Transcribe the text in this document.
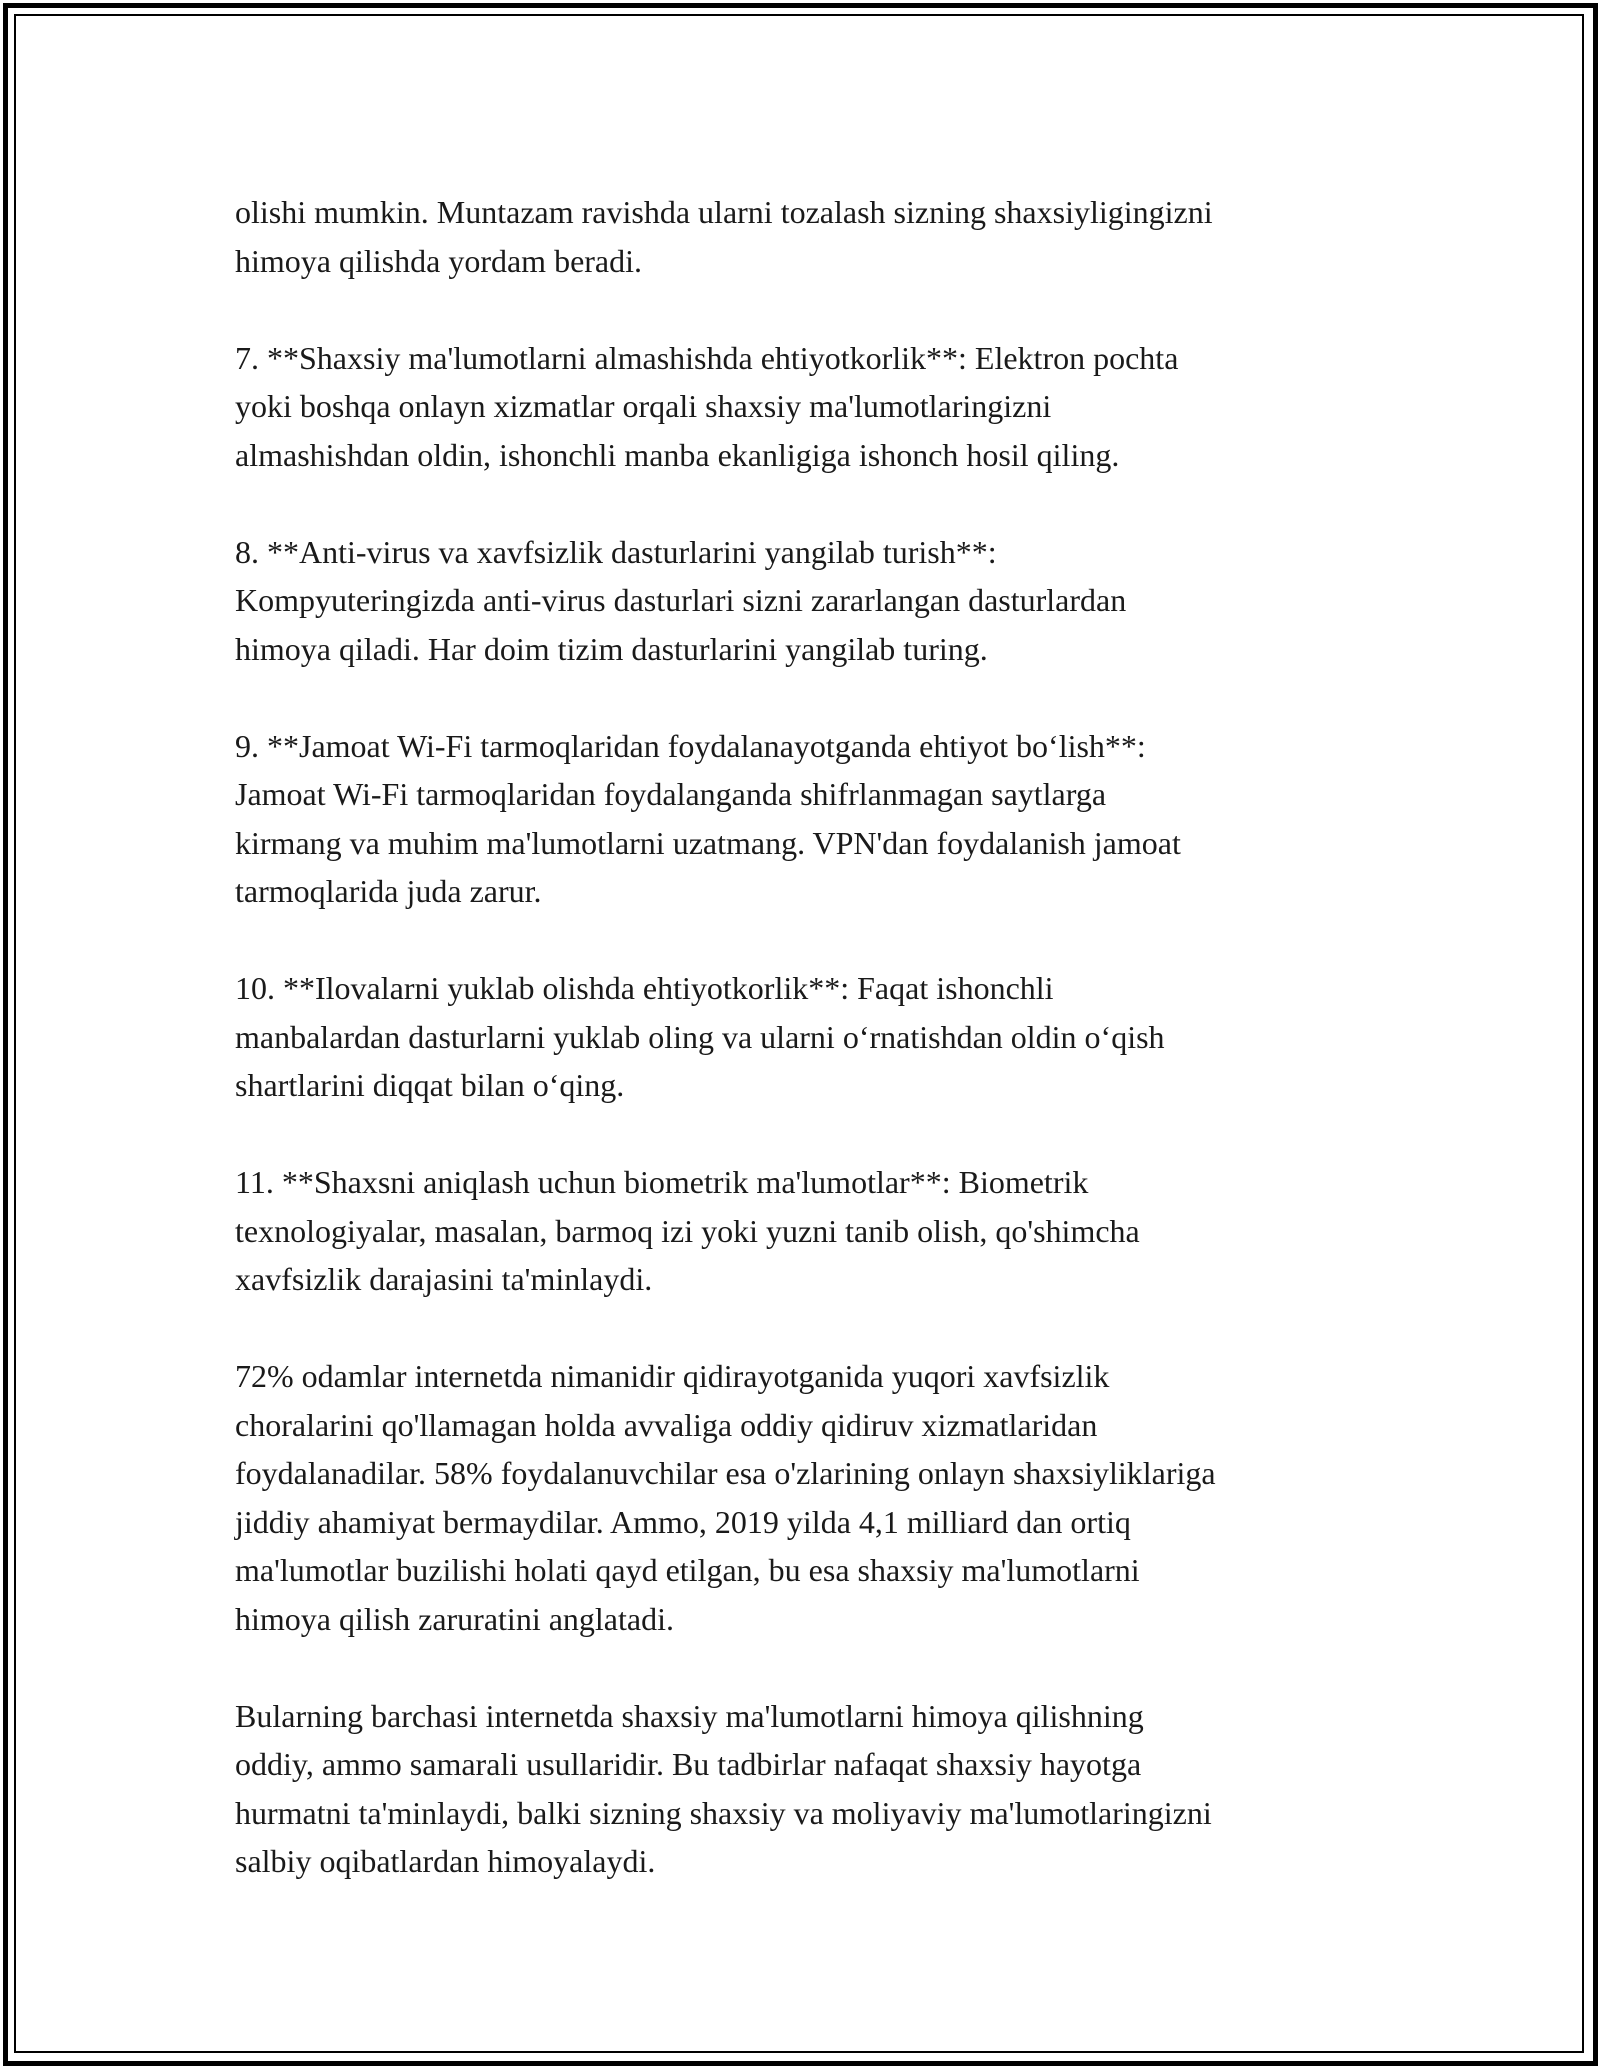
olishi mumkin. Muntazam ravishda ularni tozalash sizning shaxsiyligingizni
himoya qilishda yordam beradi.

7. **Shaxsiy ma'lumotlarni almashishda ehtiyotkorlik**: Elektron pochta
yoki boshqa onlayn xizmatlar orqali shaxsiy ma'lumotlaringizni
almashishdan oldin, ishonchli manba ekanligiga ishonch hosil qiling.

8. **Anti-virus va xavfsizlik dasturlarini yangilab turish**:
Kompyuteringizda anti-virus dasturlari sizni zararlangan dasturlardan
himoya qiladi. Har doim tizim dasturlarini yangilab turing.

9. **Jamoat Wi-Fi tarmoqlaridan foydalanayotganda ehtiyot bo‘lish**:
Jamoat Wi-Fi tarmoqlaridan foydalanganda shifrlanmagan saytlarga
kirmang va muhim ma'lumotlarni uzatmang. VPN'dan foydalanish jamoat
tarmoqlarida juda zarur.

10. **Ilovalarni yuklab olishda ehtiyotkorlik**: Faqat ishonchli
manbalardan dasturlarni yuklab oling va ularni o‘rnatishdan oldin o‘qish
shartlarini diqqat bilan o‘qing.

11. **Shaxsni aniqlash uchun biometrik ma'lumotlar**: Biometrik
texnologiyalar, masalan, barmoq izi yoki yuzni tanib olish, qo'shimcha
xavfsizlik darajasini ta'minlaydi.

72% odamlar internetda nimanidir qidirayotganida yuqori xavfsizlik
choralarini qo'llamagan holda avvaliga oddiy qidiruv xizmatlaridan
foydalanadilar. 58% foydalanuvchilar esa o'zlarining onlayn shaxsiyliklariga
jiddiy ahamiyat bermaydilar. Ammo, 2019 yilda 4,1 milliard dan ortiq
ma'lumotlar buzilishi holati qayd etilgan, bu esa shaxsiy ma'lumotlarni
himoya qilish zaruratini anglatadi.

Bularning barchasi internetda shaxsiy ma'lumotlarni himoya qilishning
oddiy, ammo samarali usullaridir. Bu tadbirlar nafaqat shaxsiy hayotga
hurmatni ta'minlaydi, balki sizning shaxsiy va moliyaviy ma'lumotlaringizni
salbiy oqibatlardan himoyalaydi.
